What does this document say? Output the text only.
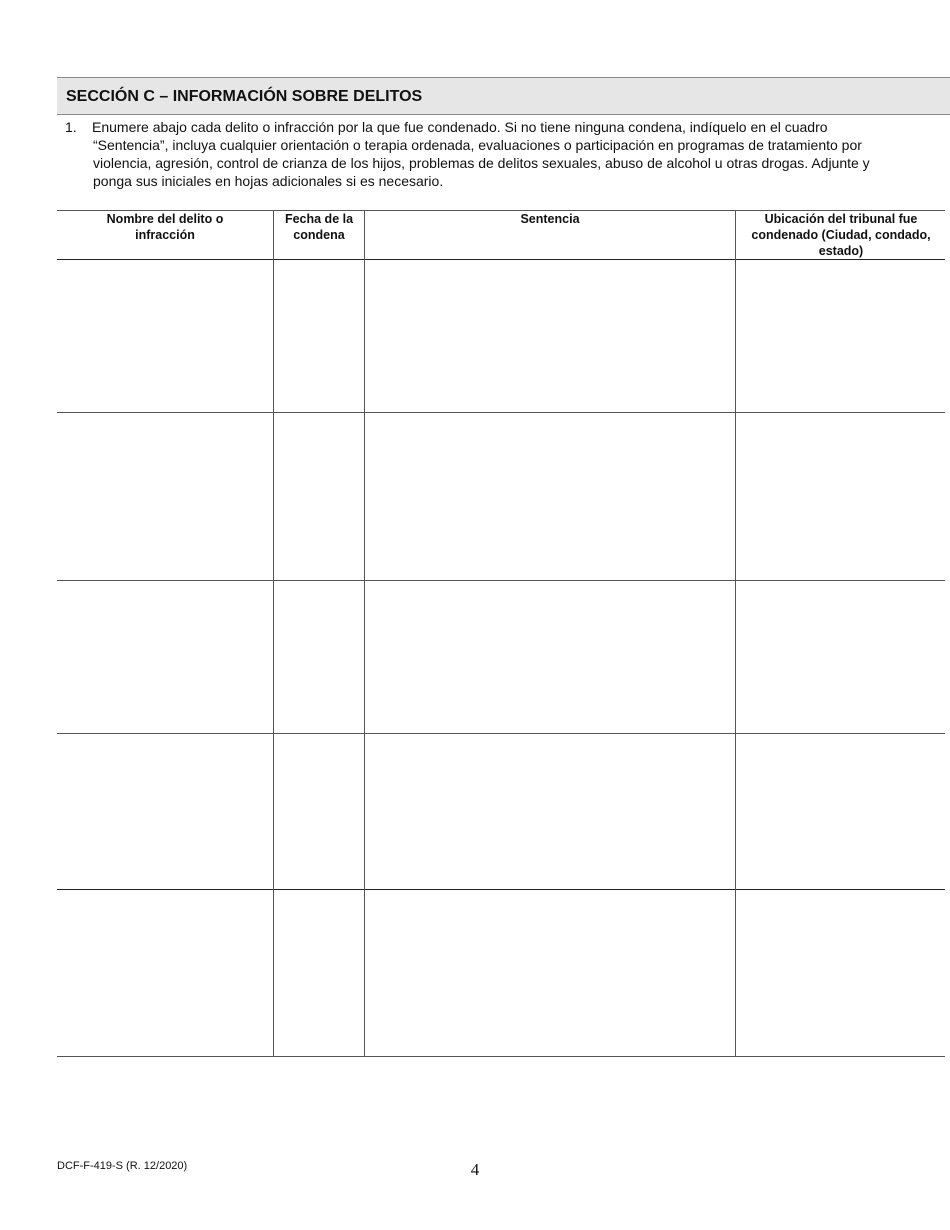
SECCIÓN C – INFORMACIÓN SOBRE DELITOS
1. Enumere abajo cada delito o infracción por la que fue condenado. Si no tiene ninguna condena, indíquelo en el cuadro
“Sentencia”, incluya cualquier orientación o terapia ordenada, evaluaciones o participación en programas de tratamiento por
violencia, agresión, control de crianza de los hijos, problemas de delitos sexuales, abuso de alcohol u otras drogas. Adjunte y
ponga sus iniciales en hojas adicionales si es necesario.
Nombre del delito o infracción
Fecha de la condena
Sentencia	Ubicación del tribunal fue condenado (Ciudad, condado, estado)
DCF-F-419-S (R. 12/2020)	4
